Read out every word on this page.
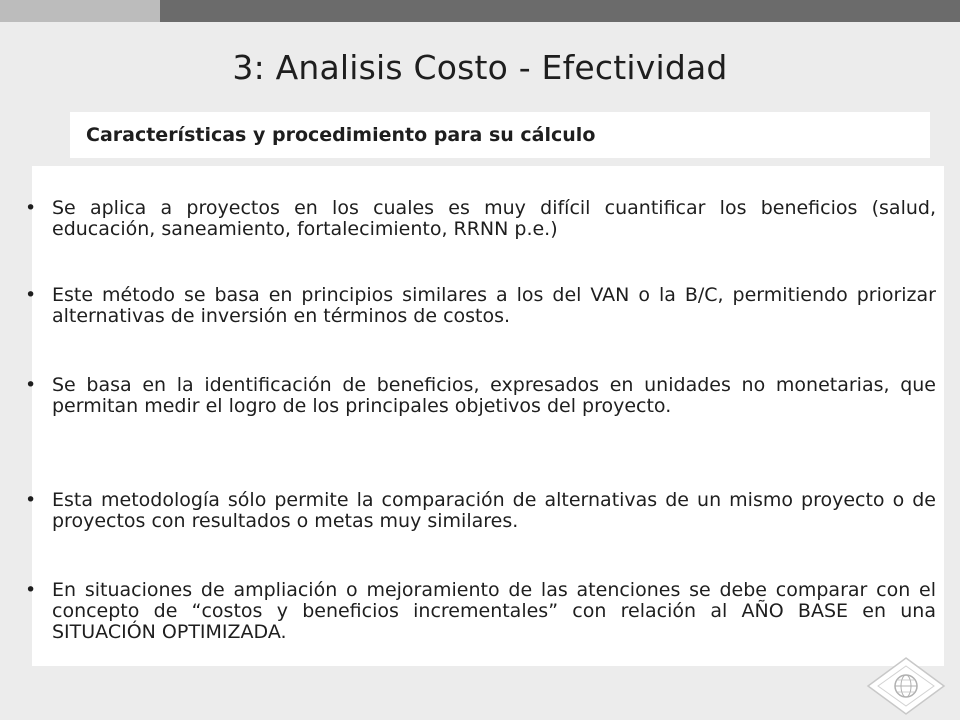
3: Analisis Costo - Efectividad
Características y procedimiento para su cálculo
• Se aplica a proyectos en los cuales es muy difícil cuantificar los beneficios (salud, educación, saneamiento, fortalecimiento, RRNN p.e.)
• Este método se basa en principios similares a los del VAN o la B/C, permitiendo priorizar alternativas de inversión en términos de costos.
• Se basa en la identificación de beneficios, expresados en unidades no monetarias, que permitan medir el logro de los principales objetivos del proyecto.
• Esta metodología sólo permite la comparación de alternativas de un mismo proyecto o de proyectos con resultados o metas muy similares.
• En situaciones de ampliación o mejoramiento de las atenciones se debe comparar con el concepto de “costos y beneficios incrementales” con relación al AÑO BASE en una SITUACIÓN OPTIMIZADA.
